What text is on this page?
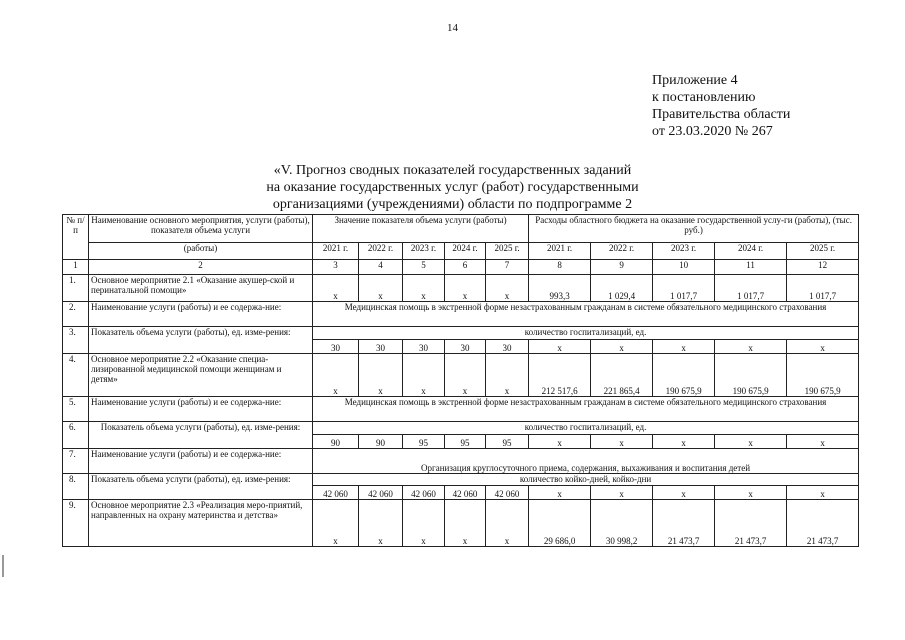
14
Приложение 4
к постановлению
Правительства области
от 23.03.2020 № 267
«V. Прогноз сводных показателей государственных заданий
на оказание государственных услуг (работ) государственными
организациями (учреждениями) области по подпрограмме 2
№ п/п	Наименование основного мероприятия, услуги (работы), показателя объема услуги	Значение показателя объема услуги (работы)					Расходы областного бюджета на оказание государственной услу-ги (работы), (тыс. руб.)				
	(работы)	2021 г.	2022 г.	2023 г.	2024 г.	2025 г.	2021 г.	2022 г.	2023 г.	2024 г.	2025 г.
1	2	3	4	5	6	7	8	9	10	11	12
1.	Основное мероприятие 2.1 «Оказание акушер-ской и перинатальной помощи»	х	х	х	х	х	993,3	1 029,4	1 017,7	1 017,7	1 017,7
2.	Наименование услуги (работы) и ее содержа-ние:	Медицинская помощь в экстренной форме незастрахованным гражданам в системе обязательного медицинского страхования									
3.	Показатель объема услуги (работы), ед. изме-рения:	количество госпитализаций, ед.									
		30	30	30	30	30	х	х	х	х	х
4.	Основное мероприятие 2.2 «Оказание специа-лизированной медицинской помощи женщинам и детям»	х	х	х	х	х	212 517,6	221 865,4	190 675,9	190 675,9	190 675,9
5.	Наименование услуги (работы) и ее содержа-ние:	Медицинская помощь в экстренной форме незастрахованным гражданам в системе обязательного медицинского страхования									
6.	Показатель объема услуги (работы), ед. изме-рения:	количество госпитализаций, ед.									
		90	90	95	95	95	х	х	х	х	х
7.	Наименование услуги (работы) и ее содержа-ние:	Организация круглосуточного приема, содержания, выхаживания и воспитания детей									
8.	Показатель объема услуги (работы), ед. изме-рения:	количество койко-дней, койко-дни									
		42 060	42 060	42 060	42 060	42 060	х	х	х	х	х
9.	Основное мероприятие 2.3 «Реализация меро-приятий, направленных на охрану материнства и детства»	х	х	х	х	х	29 686,0	30 998,2	21 473,7	21 473,7	21 473,7
